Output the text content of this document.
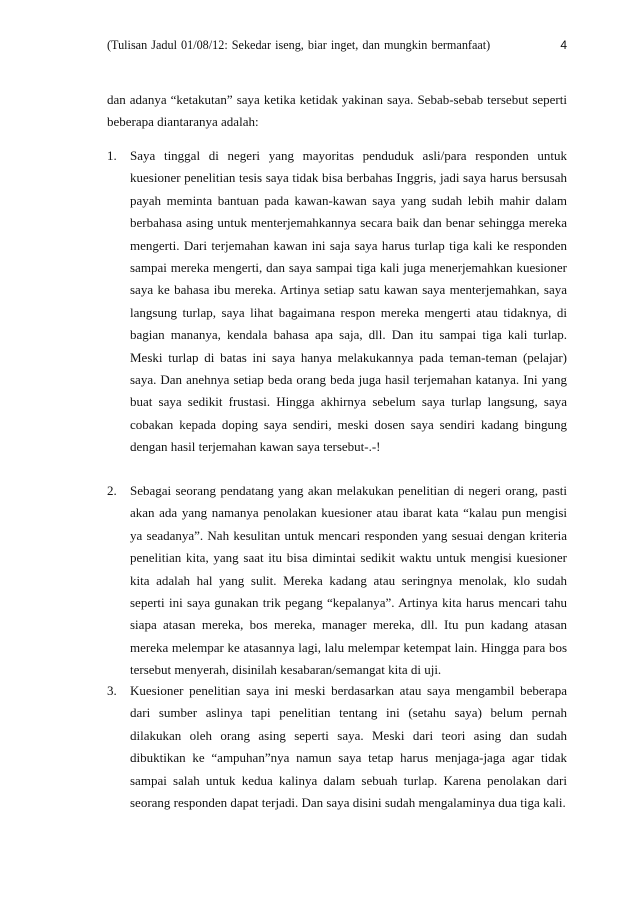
(Tulisan Jadul 01/08/12: Sekedar iseng, biar inget, dan mungkin bermanfaat)	4

dan adanya “ketakutan” saya ketika ketidak yakinan saya. Sebab-sebab tersebut seperti beberapa diantaranya adalah:

1. Saya tinggal di negeri yang mayoritas penduduk asli/para responden untuk kuesioner penelitian tesis saya tidak bisa berbahas Inggris, jadi saya harus bersusah payah meminta bantuan pada kawan-kawan saya yang sudah lebih mahir dalam berbahasa asing untuk menterjemahkannya secara baik dan benar sehingga mereka mengerti. Dari terjemahan kawan ini saja saya harus turlap tiga kali ke responden sampai mereka mengerti, dan saya sampai tiga kali juga menerjemahkan kuesioner saya ke bahasa ibu mereka. Artinya setiap satu kawan saya menterjemahkan, saya langsung turlap, saya lihat bagaimana respon mereka mengerti atau tidaknya, di bagian mananya, kendala bahasa apa saja, dll. Dan itu sampai tiga kali turlap. Meski turlap di batas ini saya hanya melakukannya pada teman-teman (pelajar) saya. Dan anehnya setiap beda orang beda juga hasil terjemahan katanya. Ini yang buat saya sedikit frustasi. Hingga akhirnya sebelum saya turlap langsung, saya cobakan kepada doping saya sendiri, meski dosen saya sendiri kadang bingung dengan hasil terjemahan kawan saya tersebut-.-!

2. Sebagai seorang pendatang yang akan melakukan penelitian di negeri orang, pasti akan ada yang namanya penolakan kuesioner atau ibarat kata “kalau pun mengisi ya seadanya”. Nah kesulitan untuk mencari responden yang sesuai dengan kriteria penelitian kita, yang saat itu bisa dimintai sedikit waktu untuk mengisi kuesioner kita adalah hal yang sulit. Mereka kadang atau seringnya menolak, klo sudah seperti ini saya gunakan trik pegang “kepalanya”. Artinya kita harus mencari tahu siapa atasan mereka, bos mereka, manager mereka, dll. Itu pun kadang atasan mereka melempar ke atasannya lagi, lalu melempar ketempat lain. Hingga para bos tersebut menyerah, disinilah kesabaran/semangat kita di uji.

3. Kuesioner penelitian saya ini meski berdasarkan atau saya mengambil beberapa dari sumber aslinya tapi penelitian tentang ini (setahu saya) belum pernah dilakukan oleh orang asing seperti saya. Meski dari teori asing dan sudah dibuktikan ke “ampuhan”nya namun saya tetap harus menjaga-jaga agar tidak sampai salah untuk kedua kalinya dalam sebuah turlap. Karena penolakan dari seorang responden dapat terjadi. Dan saya disini sudah mengalaminya dua tiga kali.
